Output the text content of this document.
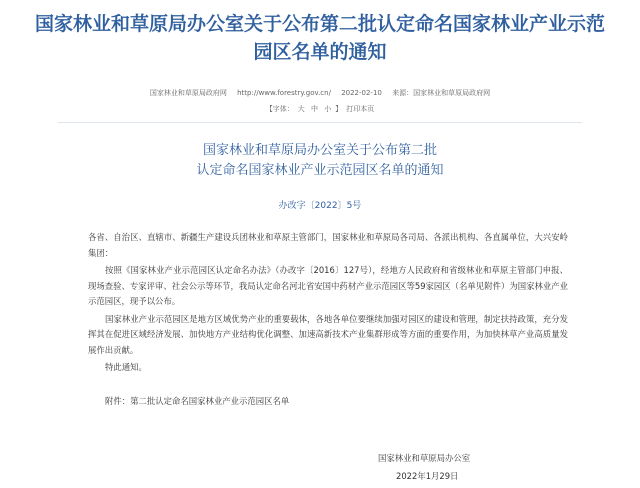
国家林业和草原局办公室关于公布第二批认定命名国家林业产业示范园区名单的通知
国家林业和草原局政府网 http://www.forestry.gov.cn/ 2022-02-10 来源：国家林业和草原局政府网
【字体： 大 中 小 】 打印本页
国家林业和草原局办公室关于公布第二批
认定命名国家林业产业示范园区名单的通知
办改字〔2022〕5号

各省、自治区、直辖市、新疆生产建设兵团林业和草原主管部门，国家林业和草原局各司局、各派出机构、各直属单位，大兴安岭集团：

按照《国家林业产业示范园区认定命名办法》（办改字〔2016〕127号），经地方人民政府和省级林业和草原主管部门申报、现场查验、专家评审、社会公示等环节，我局认定命名河北省安国中药材产业示范园区等59家园区（名单见附件）为国家林业产业示范园区，现予以公布。

国家林业产业示范园区是地方区域优势产业的重要载体，各地各单位要继续加强对园区的建设和管理，制定扶持政策，充分发挥其在促进区域经济发展、加快地方产业结构优化调整、加速高新技术产业集群形成等方面的重要作用，为加快林草产业高质量发展作出贡献。

特此通知。

附件：第二批认定命名国家林业产业示范园区名单

国家林业和草原局办公室
2022年1月29日
